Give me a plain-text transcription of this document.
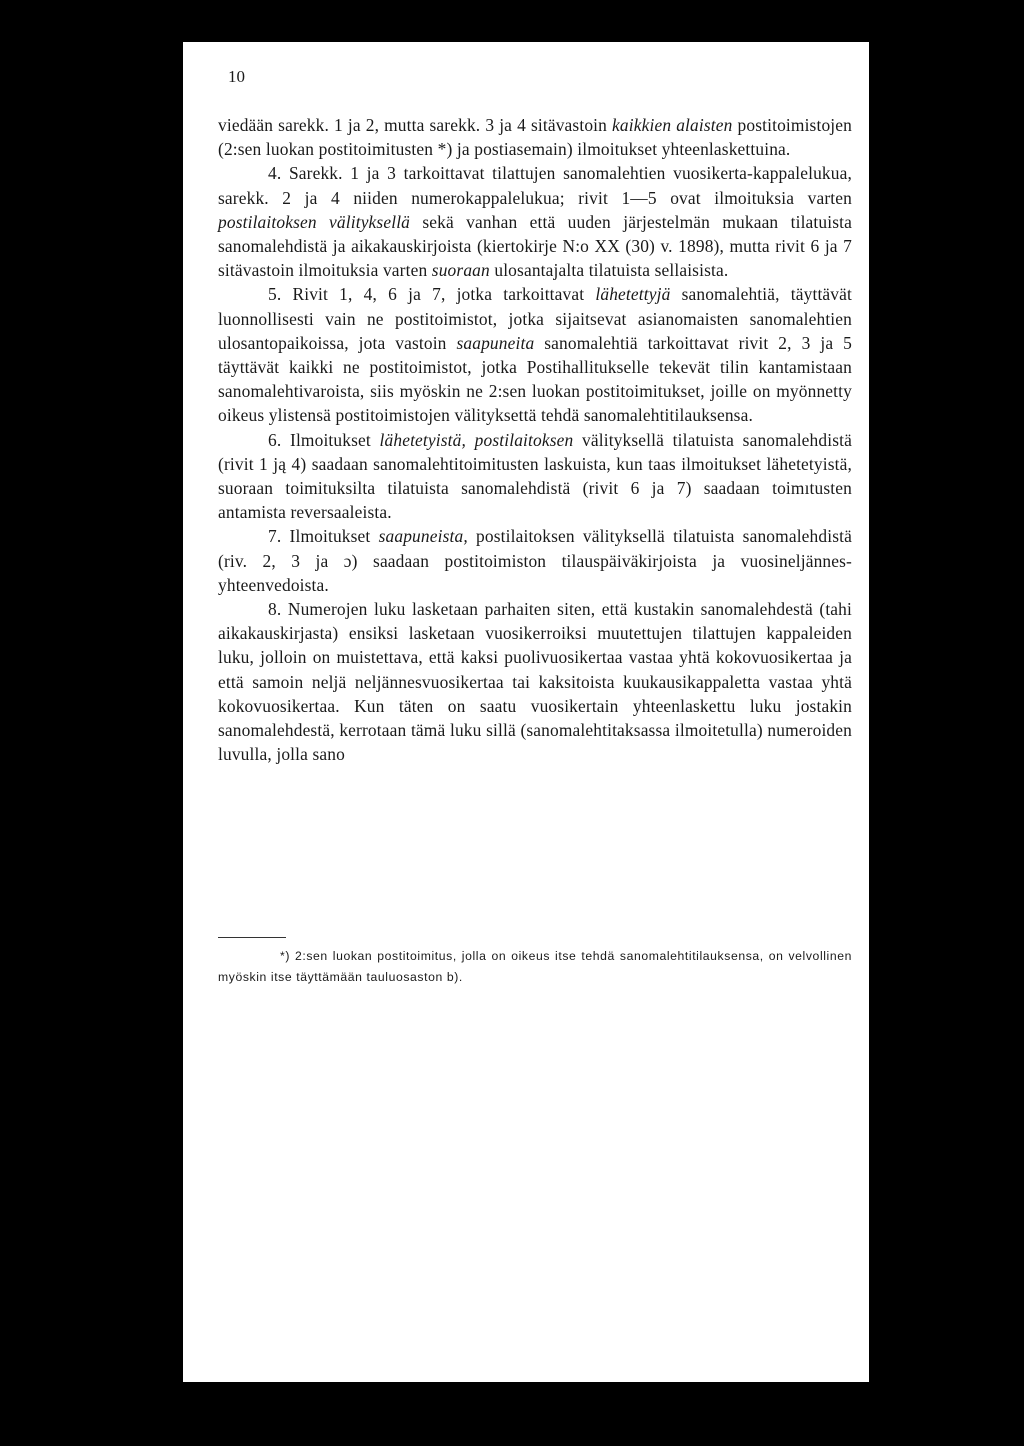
10

viedään sarekk. 1 ja 2, mutta sarekk. 3 ja 4 sitävastoin kaikkien alaisten postitoimistojen (2:sen luokan postitoimitusten *) ja postiasemain) ilmoitukset yhteenlaskettuina.

4. Sarekk. 1 ja 3 tarkoittavat tilattujen sanomalehtien vuosikerta-kappalelukua, sarekk. 2 ja 4 niiden numerokappalelukua; rivit 1—5 ovat ilmoituksia varten postilaitoksen välityksellä sekä vanhan että uuden järjestelmän mukaan tilatuista sanomalehdistä ja aikakauskirjoista (kiertokirje N:o XX (30) v. 1898), mutta rivit 6 ja 7 sitävastoin ilmoituksia varten suoraan ulosantajalta tilatuista sellaisista.

5. Rivit 1, 4, 6 ja 7, jotka tarkoittavat lähetettyjä sanomalehtiä, täyttävät luonnollisesti vain ne postitoimistot, jotka sijaitsevat asianomaisten sanomalehtien ulosantopaikoissa, jota vastoin saapuneita sanomalehtiä tarkoittavat rivit 2, 3 ja 5 täyttävät kaikki ne postitoimistot, jotka Postihallitukselle tekevät tilin kantamistaan sanomalehtivaroista, siis myöskin ne 2:sen luokan postitoimitukset, joille on myönnetty oikeus ylistensä postitoimistojen välityksettä tehdä sanomalehtitilauksensa.

6. Ilmoitukset lähetetyistä, postilaitoksen välityksellä tilatuista sanomalehdistä (rivit 1 ją 4) saadaan sanomalehtitoimitusten laskuista, kun taas ilmoitukset lähetetyistä, suoraan toimituksilta tilatuista sanomalehdistä (rivit 6 ja 7) saadaan toimıtusten antamista reversaaleista.

7. Ilmoitukset saapuneista, postilaitoksen välityksellä tilatuista sanomalehdistä (riv. 2, 3 ja ɔ) saadaan postitoimiston tilauspäiväkirjoista ja vuosineljännes-yhteenvedoista.

8. Numerojen luku lasketaan parhaiten siten, että kustakin sanomalehdestä (tahi aikakauskirjasta) ensiksi lasketaan vuosikerroiksi muutettujen tilattujen kappaleiden luku, jolloin on muistettava, että kaksi puolivuosikertaa vastaa yhtä kokovuosikertaa ja että samoin neljä neljännesvuosikertaa tai kaksitoista kuukausikappaletta vastaa yhtä kokovuosikertaa. Kun täten on saatu vuosikertain yhteenlaskettu luku jostakin sanomalehdestä, kerrotaan tämä luku sillä (sanomalehtitaksassa ilmoitetulla) numeroiden luvulla, jolla sano

*) 2:sen luokan postitoimitus, jolla on oikeus itse tehdä sanomalehtitilauksensa, on velvollinen myöskin itse täyttämään tauluosaston b).
